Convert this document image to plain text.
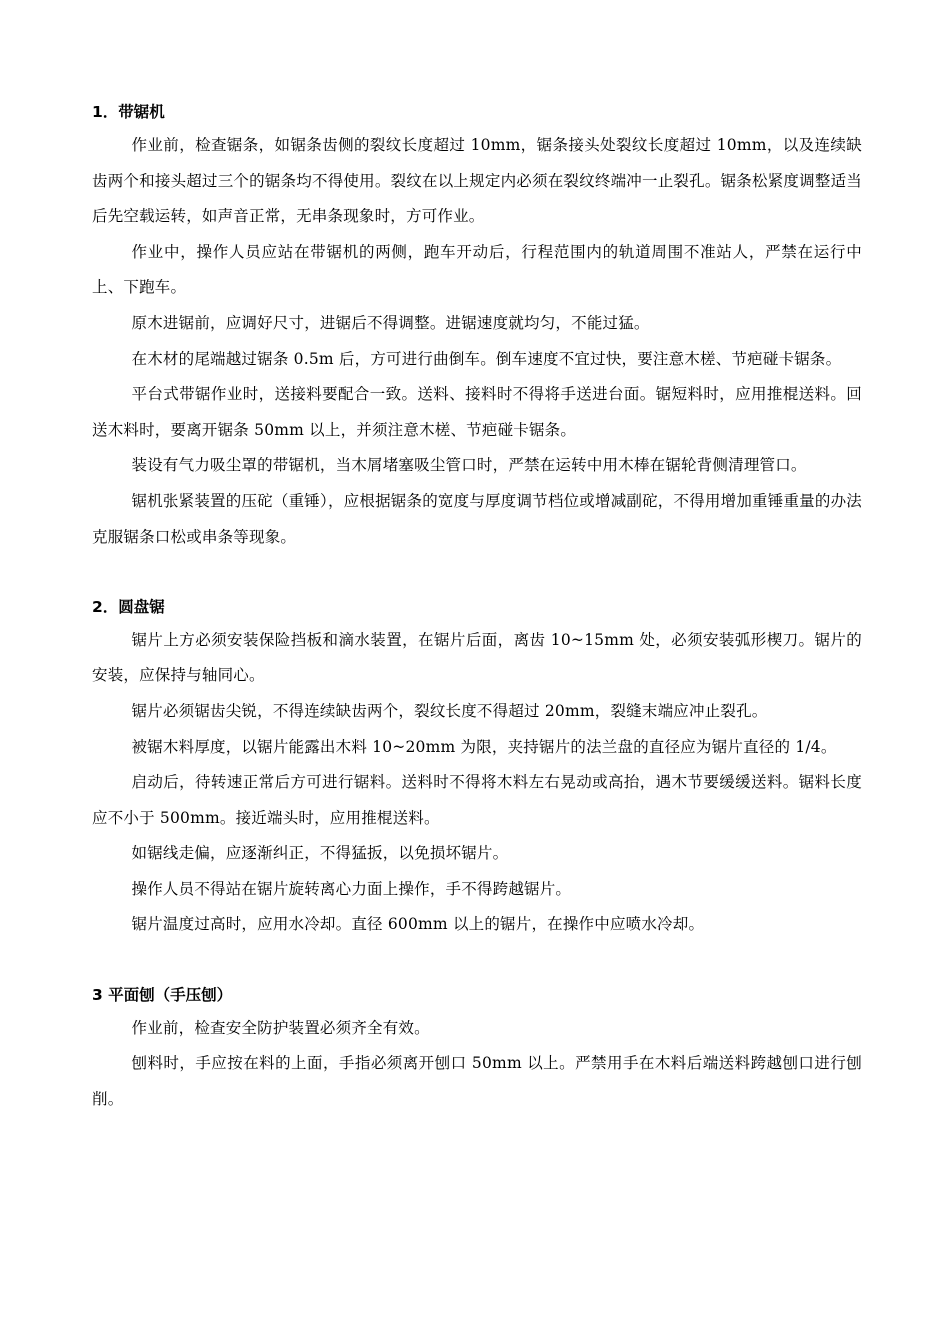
1．带锯机

作业前，检查锯条，如锯条齿侧的裂纹长度超过 10mm，锯条接头处裂纹长度超过 10mm，以及连续缺齿两个和接头超过三个的锯条均不得使用。裂纹在以上规定内必须在裂纹终端冲一止裂孔。锯条松紧度调整适当后先空载运转，如声音正常，无串条现象时，方可作业。

作业中，操作人员应站在带锯机的两侧，跑车开动后，行程范围内的轨道周围不准站人，严禁在运行中上、下跑车。

原木进锯前，应调好尺寸，进锯后不得调整。进锯速度就均匀，不能过猛。

在木材的尾端越过锯条 0.5m 后，方可进行曲倒车。倒车速度不宜过快，要注意木槎、节疤碰卡锯条。

平台式带锯作业时，送接料要配合一致。送料、接料时不得将手送进台面。锯短料时，应用推棍送料。回送木料时，要离开锯条 50mm 以上，并须注意木槎、节疤碰卡锯条。

装设有气力吸尘罩的带锯机，当木屑堵塞吸尘管口时，严禁在运转中用木棒在锯轮背侧清理管口。

锯机张紧装置的压砣（重锤），应根据锯条的宽度与厚度调节档位或增减副砣，不得用增加重锤重量的办法克服锯条口松或串条等现象。

2．圆盘锯

锯片上方必须安装保险挡板和滴水装置，在锯片后面，离齿 10~15mm 处，必须安装弧形楔刀。锯片的安装，应保持与轴同心。

锯片必须锯齿尖锐，不得连续缺齿两个，裂纹长度不得超过 20mm，裂缝末端应冲止裂孔。

被锯木料厚度，以锯片能露出木料 10~20mm 为限，夹持锯片的法兰盘的直径应为锯片直径的 1/4。

启动后，待转速正常后方可进行锯料。送料时不得将木料左右晃动或高抬，遇木节要缓缓送料。锯料长度应不小于 500mm。接近端头时，应用推棍送料。

如锯线走偏，应逐渐纠正，不得猛扳，以免损坏锯片。

操作人员不得站在锯片旋转离心力面上操作，手不得跨越锯片。

锯片温度过高时，应用水冷却。直径 600mm 以上的锯片，在操作中应喷水冷却。

3 平面刨（手压刨）

作业前，检查安全防护装置必须齐全有效。

刨料时，手应按在料的上面，手指必须离开刨口 50mm 以上。严禁用手在木料后端送料跨越刨口进行刨削。
